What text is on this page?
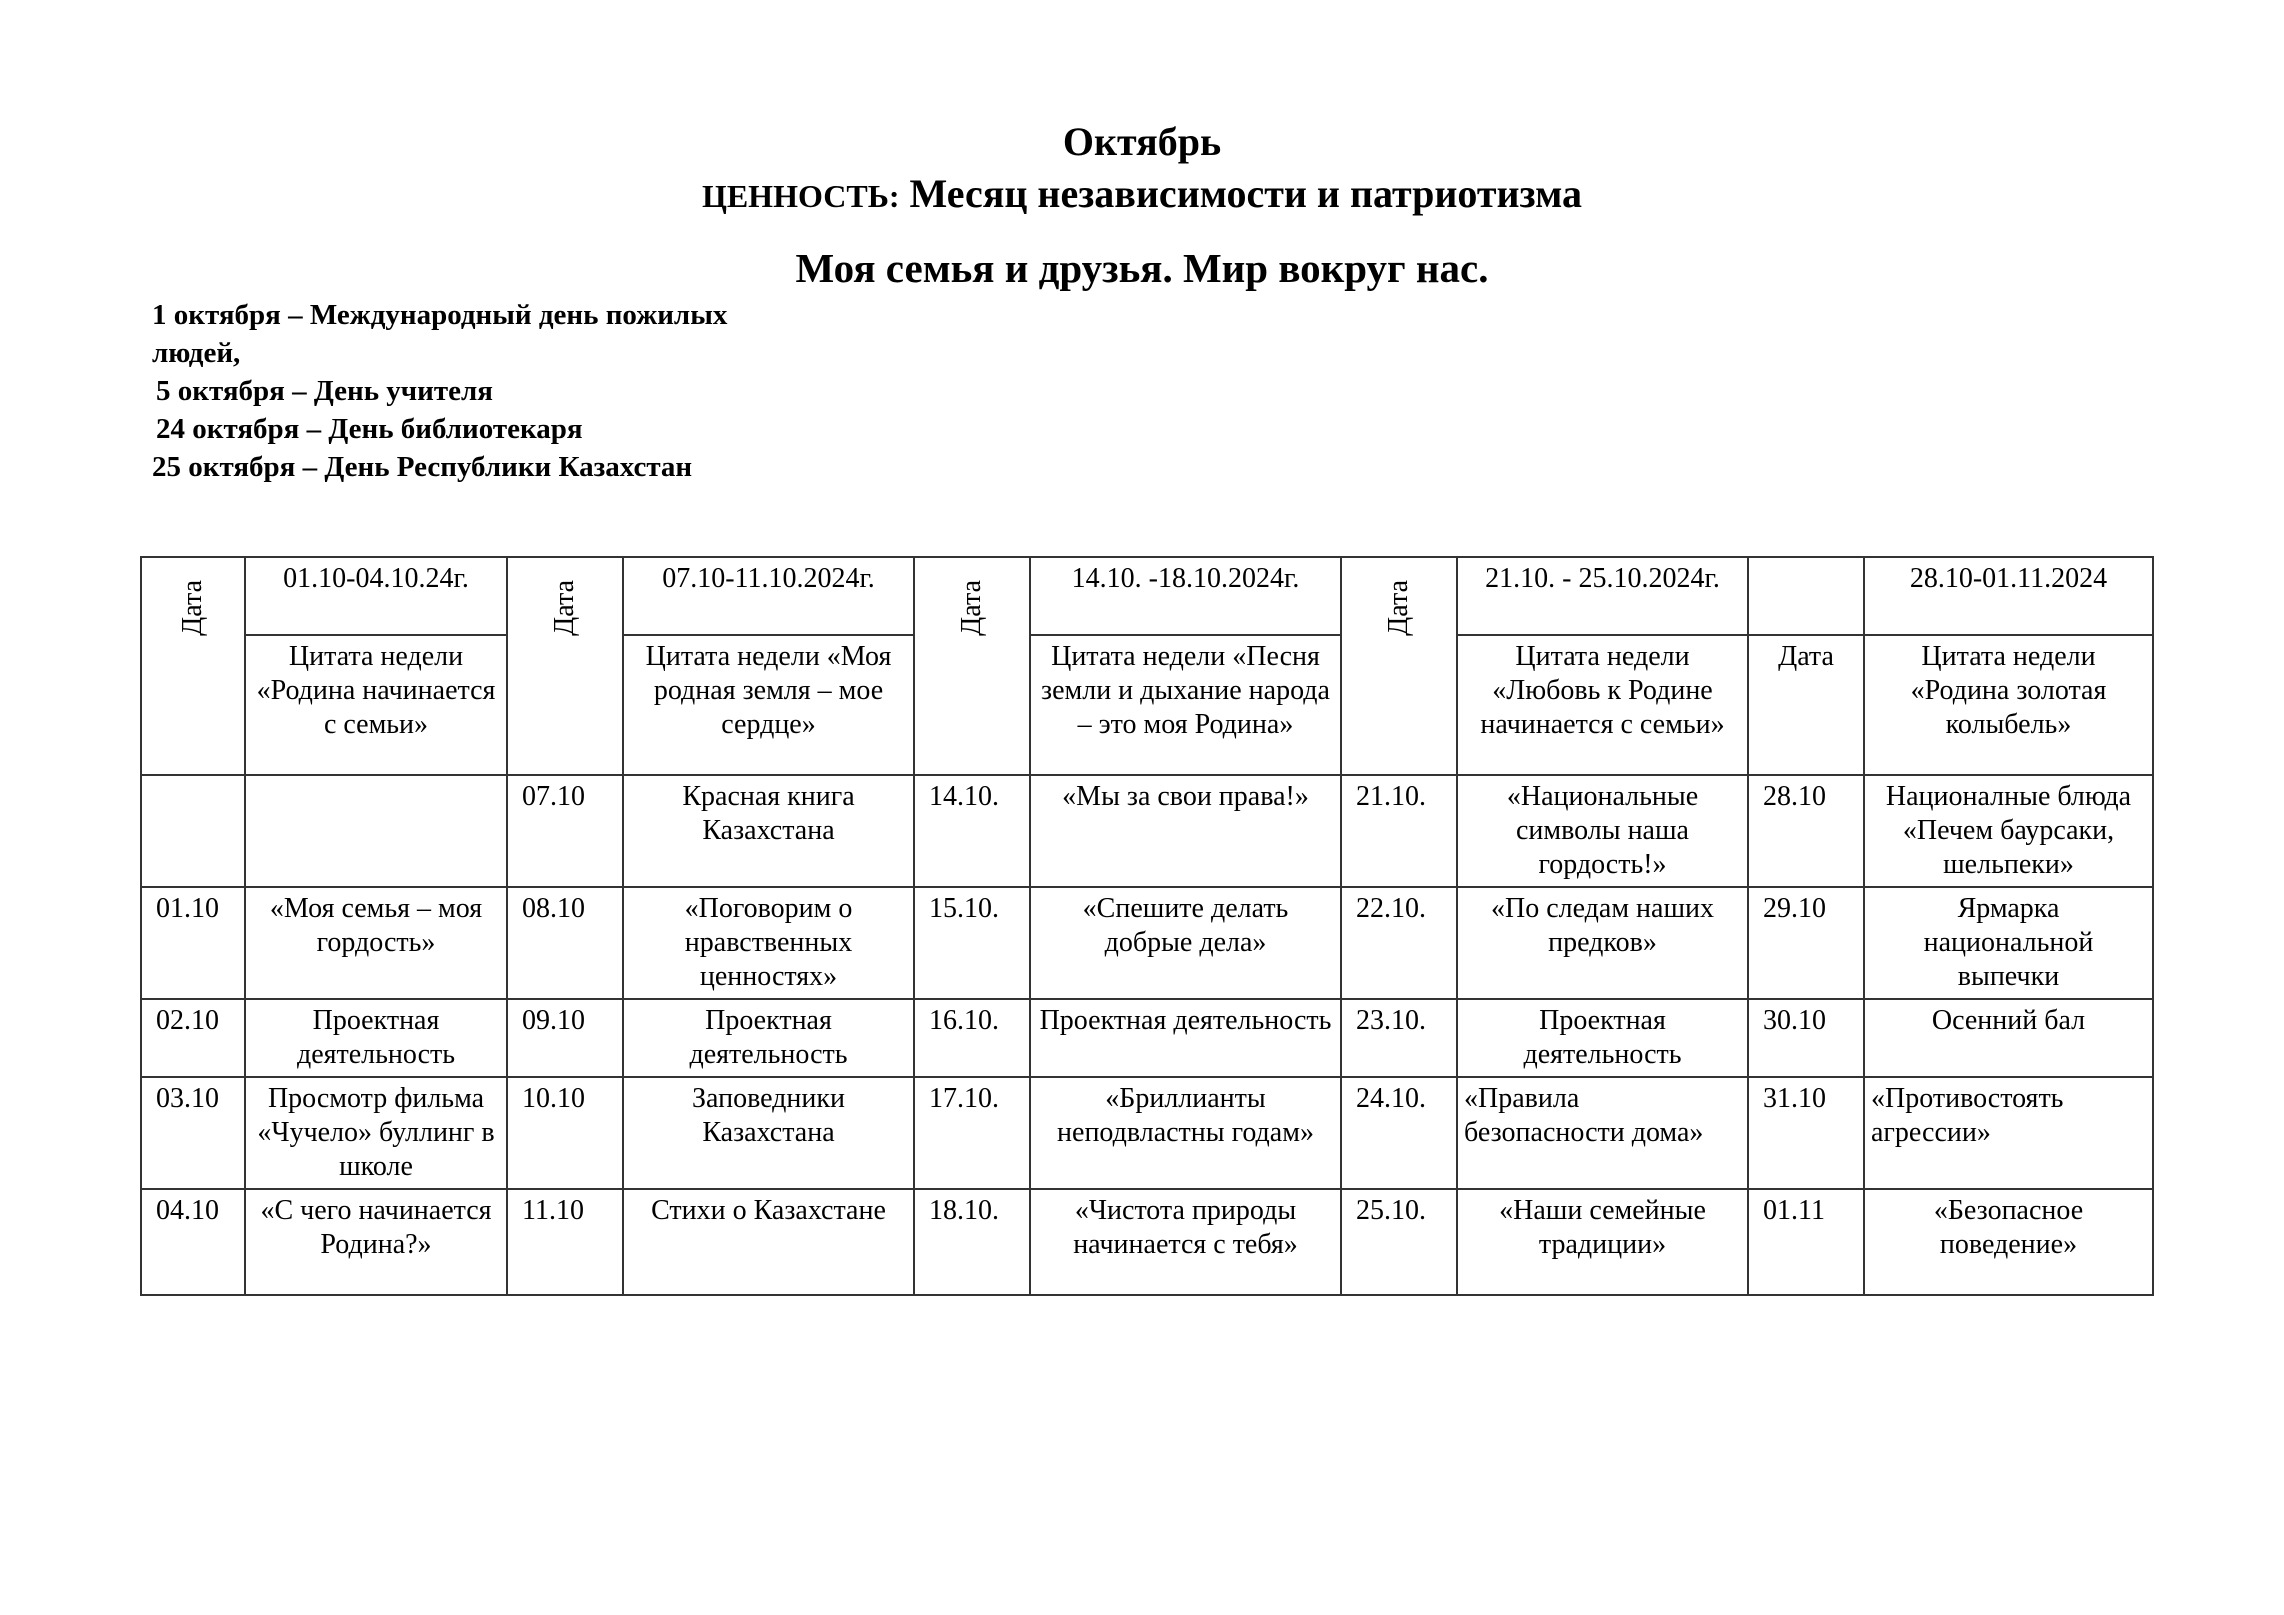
Октябрь
ЦЕННОСТЬ: Месяц независимости и патриотизма
Моя семья и друзья. Мир вокруг нас.
1 октября – Международный день пожилых
людей,
5 октября – День учителя
24 октября – День библиотекаря
25 октября – День Республики Казахстан
Дата	01.10-04.10.24г.	Дата	07.10-11.10.2024г.	Дата	14.10. -18.10.2024г.	Дата	21.10. - 25.10.2024г.		28.10-01.11.2024
	Цитата недели «Родина начинается с семьи»		Цитата недели «Моя родная земля – мое сердце»		Цитата недели «Песня земли и дыхание народа – это моя Родина»		Цитата недели «Любовь к Родине начинается с семьи»	Дата	Цитата недели «Родина золотая колыбель»
		07.10	Красная книга Казахстана	14.10.	«Мы за свои права!»	21.10.	«Национальные символы наша гордость!»	28.10	Националные блюда «Печем баурсаки, шельпеки»
01.10	«Моя семья – моя гордость»	08.10	«Поговорим о нравственных ценностях»	15.10.	«Спешите делать добрые дела»	22.10.	«По следам наших предков»	29.10	Ярмарка национальной выпечки
02.10	Проектная деятельность	09.10	Проектная деятельность	16.10.	Проектная деятельность	23.10.	Проектная деятельность	30.10	Осенний бал
03.10	Просмотр фильма «Чучело» буллинг в школе	10.10	Заповедники Казахстана	17.10.	«Бриллианты неподвластны годам»	24.10.	«Правила безопасности дома»	31.10	«Противостоять агрессии»
04.10	«С чего начинается Родина?»	11.10	Стихи о Казахстане	18.10.	«Чистота природы начинается с тебя»	25.10.	«Наши семейные традиции»	01.11	«Безопасное поведение»
